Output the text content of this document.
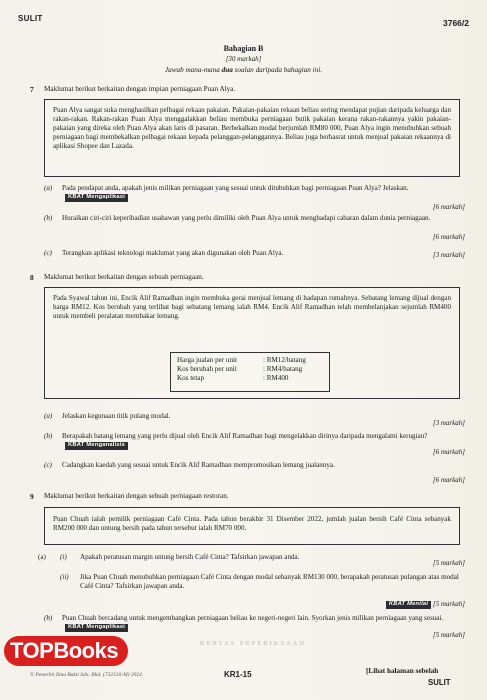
SULIT	3766/2
Bahagian B
[30 markah]
Jawab mana-mana dua soalan daripada bahagian ini.
7 Maklumat berikut berkaitan dengan impian perniagaan Puan Alya.
Puan Alya sangat suka menghasilkan pelbagai rekaan pakaian. Pakaian-pakaian rekaan beliau sering mendapat pujian daripada keluarga dan rakan-rakan. Rakan-rakan Puan Alya menggalakkan beliau membuka perniagaan butik pakaian kerana rakan-rakannya yakin pakaian-pakaian yang direka oleh Puan Alya akan laris di pasaran. Berbekalkan modal berjumlah RM80 000, Puan Alya ingin menubuhkan sebuah perniagaan bagi membekalkan pelbagai rekaan kepada pelanggan-pelanggannya. Beliau juga berhasrat untuk menjual pakaian rekaannya di aplikasi Shopee dan Lazada.
(a) Pada pendapat anda, apakah jenis milikan perniagaan yang sesuai untuk ditubuhkan bagi perniagaan Puan Alya? Jelaskan.KBAT Mengaplikasi
[6 markah]
(b) Huraikan ciri-ciri keperibadian usahawan yang perlu dimiliki oleh Puan Alya untuk menghadapi cabaran dalam dunia perniagaan.
[6 markah]
(c) Terangkan aplikasi teknologi maklumat yang akan digunakan oleh Puan Alya.	[3 markah]
8 Maklumat berikut berkaitan dengan sebuah perniagaan.
Pada Syawal tahun ini, Encik Alif Ramadhan ingin membuka gerai menjual lemang di hadapan rumahnya. Sebatang lemang dijual dengan harga RM12. Kos berubah yang terlibat bagi sebatang lemang ialah RM4. Encik Alif Ramadhan telah membelanjakan sejumlah RM400 untuk membeli peralatan membakar lemang.
Harga jualan per unit	: RM12/batang
Kos berubah per unit	: RM4/batang
Kos tetap	: RM400
(a) Jelaskan kegunaan titik pulang modal.
[3 markah]
(b) Berapakah batang lemang yang perlu dijual oleh Encik Alif Ramadhan bagi mengelakkan dirinya daripada mengalami kerugian?KBAT Menganalisis
[6 markah]
(c) Cadangkan kaedah yang sesuai untuk Encik Alif Ramadhan mempromosikan lemang jualannya.
[6 markah]
9 Maklumat berikut berkaitan dengan sebuah perniagaan restoran.
Puan Chuah ialah pemilik perniagaan Café Cinta. Pada tahun berakhir 31 Disember 2022, jumlah jualan bersih Café Cinta sebanyak RM200 000 dan untung bersih pada tahun tersebut ialah RM70 000.
(a) (i) Apakah peratusan margin untung bersih Café Cinta? Tafsirkan jawapan anda.
[5 markah]
(ii) Jika Puan Chuah menubuhkan perniagaan Café Cinta dengan modal sebanyak RM130 000, berapakah peratusan pulangan atas modal Café Cinta? Tafsirkan jawapan anda.
KBAT Menilai [5 markah]
(b) Puan Chuah bercadang untuk mengembangkan perniagaan beliau ke negeri-negeri lain. Syorkan jenis milikan perniagaan yang sesuai.KBAT Mengaplikasi
[5 markah]
KERTAS PEPERIKSAAN
TOPBooks
© Penerbit Ilmu Bakti Sdn. Bhd. (732516-M) 2024	KR1-15	[Lihat halaman sebelah
SULIT
